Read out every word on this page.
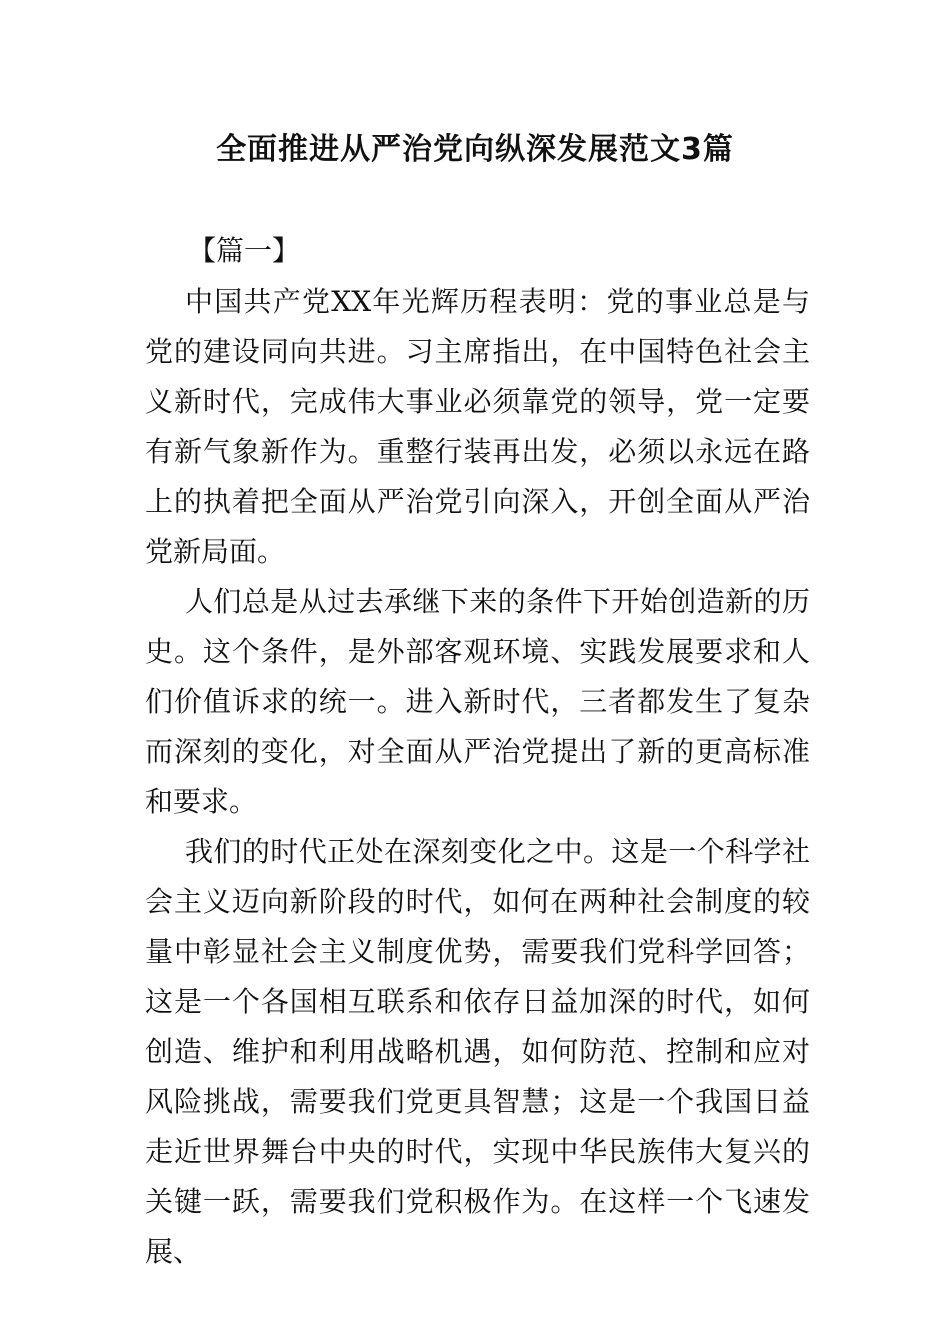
全面推进从严治党向纵深发展范文3篇
【篇一】

中国共产党XX年光辉历程表明：党的事业总是与党的建设同向共进。习主席指出，在中国特色社会主义新时代，完成伟大事业必须靠党的领导，党一定要有新气象新作为。重整行装再出发，必须以永远在路上的执着把全面从严治党引向深入，开创全面从严治党新局面。

人们总是从过去承继下来的条件下开始创造新的历史。这个条件，是外部客观环境、实践发展要求和人们价值诉求的统一。进入新时代，三者都发生了复杂而深刻的变化，对全面从严治党提出了新的更高标准和要求。

我们的时代正处在深刻变化之中。这是一个科学社会主义迈向新阶段的时代，如何在两种社会制度的较量中彰显社会主义制度优势，需要我们党科学回答；这是一个各国相互联系和依存日益加深的时代，如何创造、维护和利用战略机遇，如何防范、控制和应对风险挑战，需要我们党更具智慧；这是一个我国日益走近世界舞台中央的时代，实现中华民族伟大复兴的关键一跃，需要我们党积极作为。在这样一个飞速发展、
